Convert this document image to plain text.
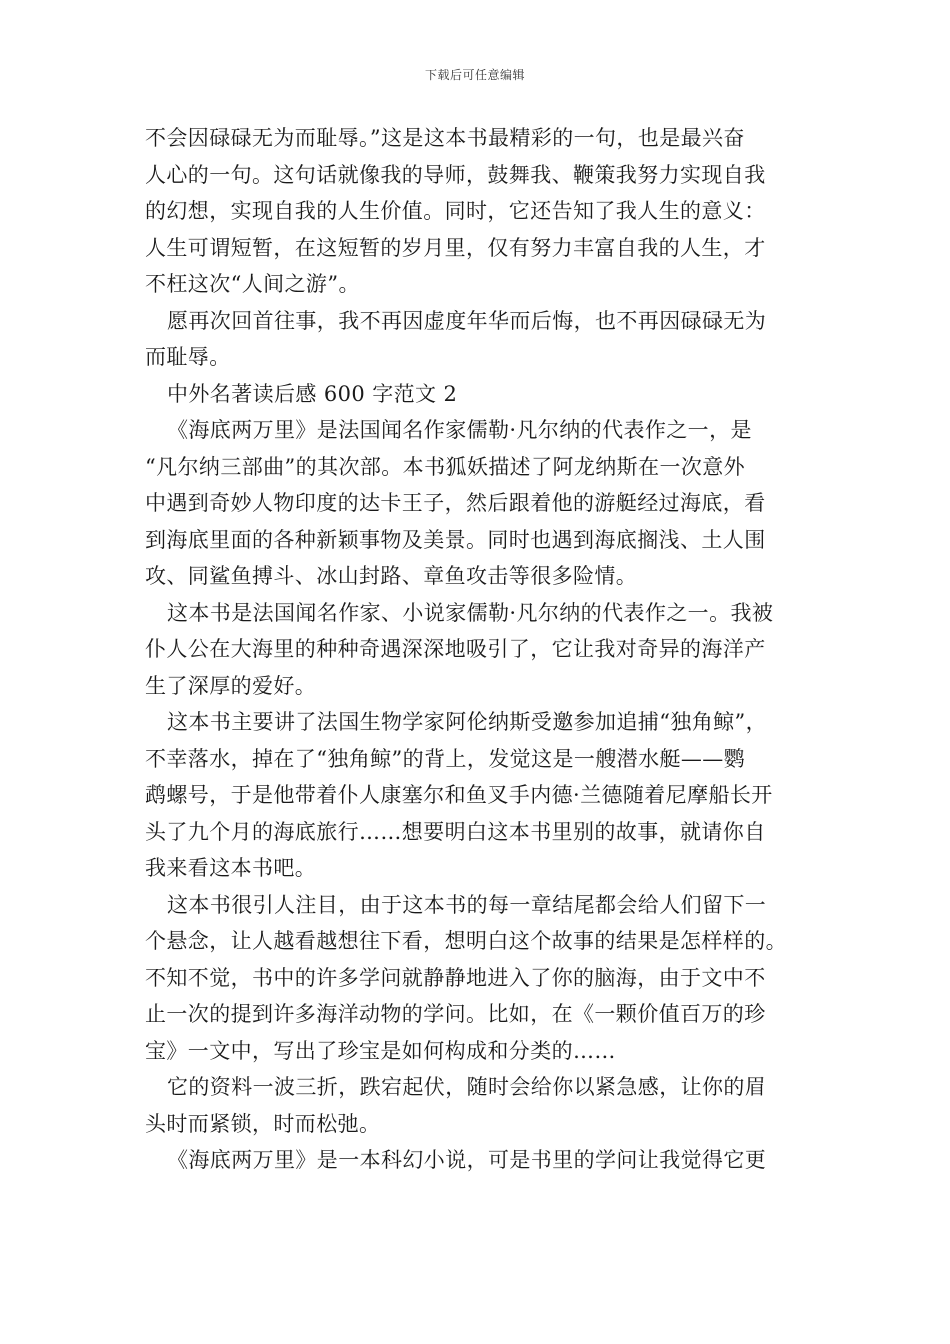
下载后可任意编辑
不会因碌碌无为而耻辱。”这是这本书最精彩的一句，也是最兴奋
人心的一句。这句话就像我的导师，鼓舞我、鞭策我努力实现自我
的幻想，实现自我的人生价值。同时，它还告知了我人生的意义：
人生可谓短暂，在这短暂的岁月里，仅有努力丰富自我的人生，才
不枉这次“人间之游”。
愿再次回首往事，我不再因虚度年华而后悔，也不再因碌碌无为
而耻辱。
中外名著读后感 600 字范文 2
《海底两万里》是法国闻名作家儒勒·凡尔纳的代表作之一，是
“凡尔纳三部曲”的其次部。本书狐妖描述了阿龙纳斯在一次意外
中遇到奇妙人物印度的达卡王子，然后跟着他的游艇经过海底，看
到海底里面的各种新颖事物及美景。同时也遇到海底搁浅、土人围
攻、同鲨鱼搏斗、冰山封路、章鱼攻击等很多险情。
这本书是法国闻名作家、小说家儒勒·凡尔纳的代表作之一。我被
仆人公在大海里的种种奇遇深深地吸引了，它让我对奇异的海洋产
生了深厚的爱好。
这本书主要讲了法国生物学家阿伦纳斯受邀参加追捕“独角鲸”，
不幸落水，掉在了“独角鲸”的背上，发觉这是一艘潜水艇——鹦
鹉螺号，于是他带着仆人康塞尔和鱼叉手内德·兰德随着尼摩船长开
头了九个月的海底旅行……想要明白这本书里别的故事，就请你自
我来看这本书吧。
这本书很引人注目，由于这本书的每一章结尾都会给人们留下一
个悬念，让人越看越想往下看，想明白这个故事的结果是怎样样的。
不知不觉，书中的许多学问就静静地进入了你的脑海，由于文中不
止一次的提到许多海洋动物的学问。比如，在《一颗价值百万的珍
宝》一文中，写出了珍宝是如何构成和分类的……
它的资料一波三折，跌宕起伏，随时会给你以紧急感，让你的眉
头时而紧锁，时而松弛。
《海底两万里》是一本科幻小说，可是书里的学问让我觉得它更
